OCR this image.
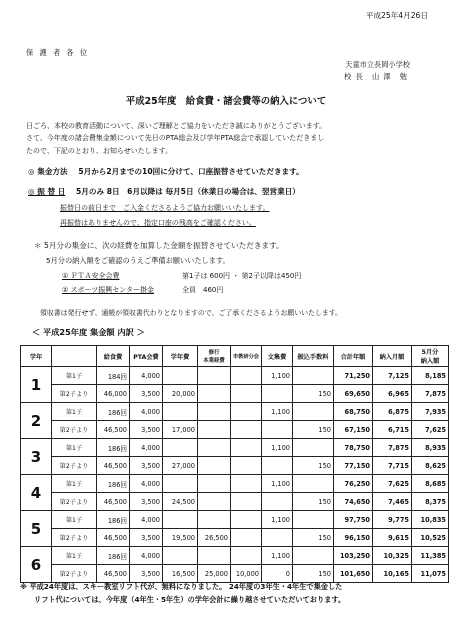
平成25年4月26日
保 護 者 各 位
天童市立長岡小学校
校 長　山 澤　勉
平成25年度　給食費・諸会費等の納入について
日ごろ、本校の教育活動について、深いご理解とご協力をいただき誠にありがとうございます。
さて、今年度の諸会費集金額について先日のPTA総会及び学年PTA総会で承認していただきまし
たので、下記のとおり、お知らせいたします。
◎ 集金方法 5月から2月までの10回に分けて、口座振替させていただきます。
◎ 振 替 日 5月のみ 8日　6月以降は 毎月5日（休業日の場合は、翌営業日）
振替日の前日まで　ご入金くださるようご協力お願いいたします。
再振替はありませんので、指定口座の残高をご確認ください。
＊ 5月分の集金に、次の経費を加算した金額を振替させていただきます。
5月分の納入額をご確認のうえご準備お願いいたします。
① ＰＴＡ安全会費	第1子は 600円 ・ 第2子以降は450円
② スポーツ振興センター掛金	全員　460円
領収書は発行せず、通帳が領収書代わりとなりますので、ご了承くださるようお願いいたします。
＜ 平成25年度 集金額 内訳 ＞
学年		給食費	PTA会費	学年費	修行
本業経費	市教研分会	文集費	振込手数料	合計年額	納入月額	5月分
納入額
1	第1子	184回	4,000				1,100		71,250	7,125	8,185
	第2子より	46,000	3,500	20,000				150	69,650	6,965	7,875
2	第1子	186回	4,000				1,100		68,750	6,875	7,935
	第2子より	46,500	3,500	17,000				150	67,150	6,715	7,625
3	第1子	186回	4,000				1,100		78,750	7,875	8,935
	第2子より	46,500	3,500	27,000				150	77,150	7,715	8,625
4	第1子	186回	4,000				1,100		76,250	7,625	8,685
	第2子より	46,500	3,500	24,500				150	74,650	7,465	8,375
5	第1子	186回	4,000				1,100		97,750	9,775	10,835
	第2子より	46,500	3,500	19,500	26,500			150	96,150	9,615	10,525
6	第1子	186回	4,000				1,100		103,250	10,325	11,385
	第2子より	46,500	3,500	16,500	25,000	10,000	0	150	101,650	10,165	11,075
※ 平成24年度は、スキー教室リフト代が、無料になりました。 24年度の3年生・4年生で集金した
リフト代については、今年度（4年生・5年生）の学年会計に繰り越させていただいております。
